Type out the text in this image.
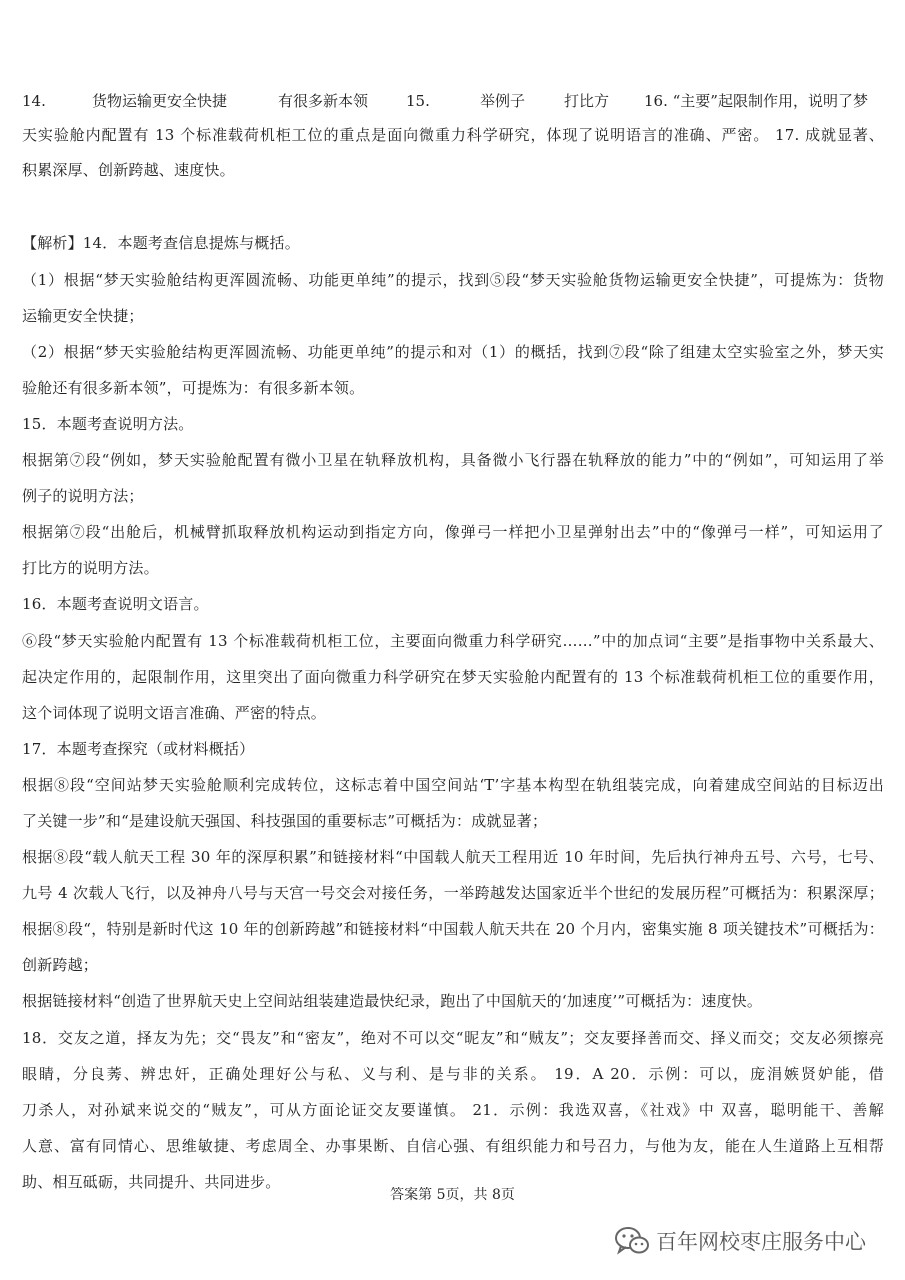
14.	货物运输更安全快捷	有很多新本领	15.	举例子	打比方 16. “主要”起限制作用，说明了梦
天实验舱内配置有 13 个标准载荷机柜工位的重点是面向微重力科学研究，体现了说明语言的准确、严密。 17. 成就显著、
积累深厚、创新跨越、速度快。
【解析】14．本题考查信息提炼与概括。
（1）根据“梦天实验舱结构更浑圆流畅、功能更单纯”的提示，找到⑤段“梦天实验舱货物运输更安全快捷”，可提炼为：货物
运输更安全快捷；
（2）根据“梦天实验舱结构更浑圆流畅、功能更单纯”的提示和对（1）的概括，找到⑦段“除了组建太空实验室之外，梦天实
验舱还有很多新本领”，可提炼为：有很多新本领。
15．本题考查说明方法。
根据第⑦段“例如，梦天实验舱配置有微小卫星在轨释放机构，具备微小飞行器在轨释放的能力”中的“例如”，可知运用了举
例子的说明方法；
根据第⑦段“出舱后，机械臂抓取释放机构运动到指定方向，像弹弓一样把小卫星弹射出去”中的“像弹弓一样”，可知运用了
打比方的说明方法。
16．本题考查说明文语言。
⑥段“梦天实验舱内配置有 13 个标准载荷机柜工位，主要面向微重力科学研究……”中的加点词“主要”是指事物中关系最大、
起决定作用的，起限制作用，这里突出了面向微重力科学研究在梦天实验舱内配置有的 13 个标准载荷机柜工位的重要作用，
这个词体现了说明文语言准确、严密的特点。
17．本题考查探究（或材料概括）
根据⑧段“空间站梦天实验舱顺利完成转位，这标志着中国空间站‘T’字基本构型在轨组装完成，向着建成空间站的目标迈出
了关键一步”和“是建设航天强国、科技强国的重要标志”可概括为：成就显著；
根据⑧段“载人航天工程 30 年的深厚积累”和链接材料“中国载人航天工程用近 10 年时间，先后执行神舟五号、六号，七号、
九号 4 次载人飞行，以及神舟八号与天宫一号交会对接任务，一举跨越发达国家近半个世纪的发展历程”可概括为：积累深厚；
根据⑧段“，特别是新时代这 10 年的创新跨越”和链接材料“中国载人航天共在 20 个月内，密集实施 8 项关键技术”可概括为：
创新跨越；
根据链接材料“创造了世界航天史上空间站组装建造最快纪录，跑出了中国航天的‘加速度’”可概括为：速度快。
18．交友之道，择友为先；交“畏友”和“密友”，绝对不可以交“昵友”和“贼友”；交友要择善而交、择义而交；交友必须擦亮
眼睛，分良莠、辨忠奸，正确处理好公与私、义与利、是与非的关系。 19．A 20．示例：可以，庞涓嫉贤妒能，借
刀杀人，对孙斌来说交的“贼友”，可从方面论证交友要谨慎。 21．示例：我选双喜，《社戏》中 双喜，聪明能干、善解
人意、富有同情心、思维敏捷、考虑周全、办事果断、自信心强、有组织能力和号召力，与他为友，能在人生道路上互相帮
助、相互砥砺，共同提升、共同进步。
答案第 5页，共 8页
百年网校枣庄服务中心
